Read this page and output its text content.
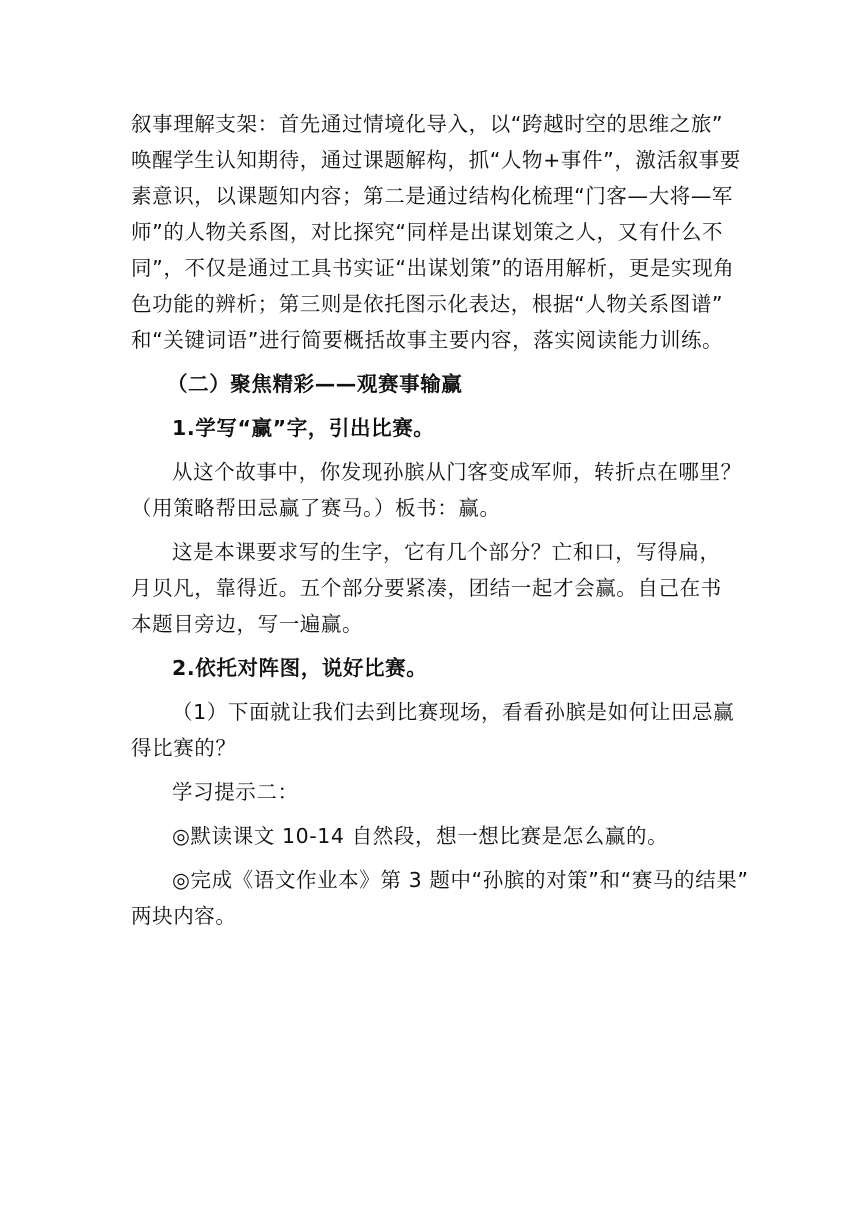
叙事理解支架：首先通过情境化导入，以“跨越时空的思维之旅”

唤醒学生认知期待，通过课题解构，抓“人物+事件”，激活叙事要

素意识，以课题知内容；第二是通过结构化梳理“门客—大将—军

师”的人物关系图，对比探究“同样是出谋划策之人，又有什么不

同”，不仅是通过工具书实证“出谋划策”的语用解析，更是实现角

色功能的辨析；第三则是依托图示化表达，根据“人物关系图谱”

和“关键词语”进行简要概括故事主要内容，落实阅读能力训练。

（二）聚焦精彩——观赛事输赢

1.学写“赢”字，引出比赛。

从这个故事中，你发现孙膑从门客变成军师，转折点在哪里？

（用策略帮田忌赢了赛马。）板书：赢。

这是本课要求写的生字，它有几个部分？亡和口，写得扁，

月贝凡，靠得近。五个部分要紧凑，团结一起才会赢。自己在书

本题目旁边，写一遍赢。

2.依托对阵图，说好比赛。

（1）下面就让我们去到比赛现场，看看孙膑是如何让田忌赢

得比赛的？

学习提示二：

◎默读课文 10-14 自然段，想一想比赛是怎么赢的。

◎完成《语文作业本》第 3 题中“孙膑的对策”和“赛马的结果”

两块内容。
